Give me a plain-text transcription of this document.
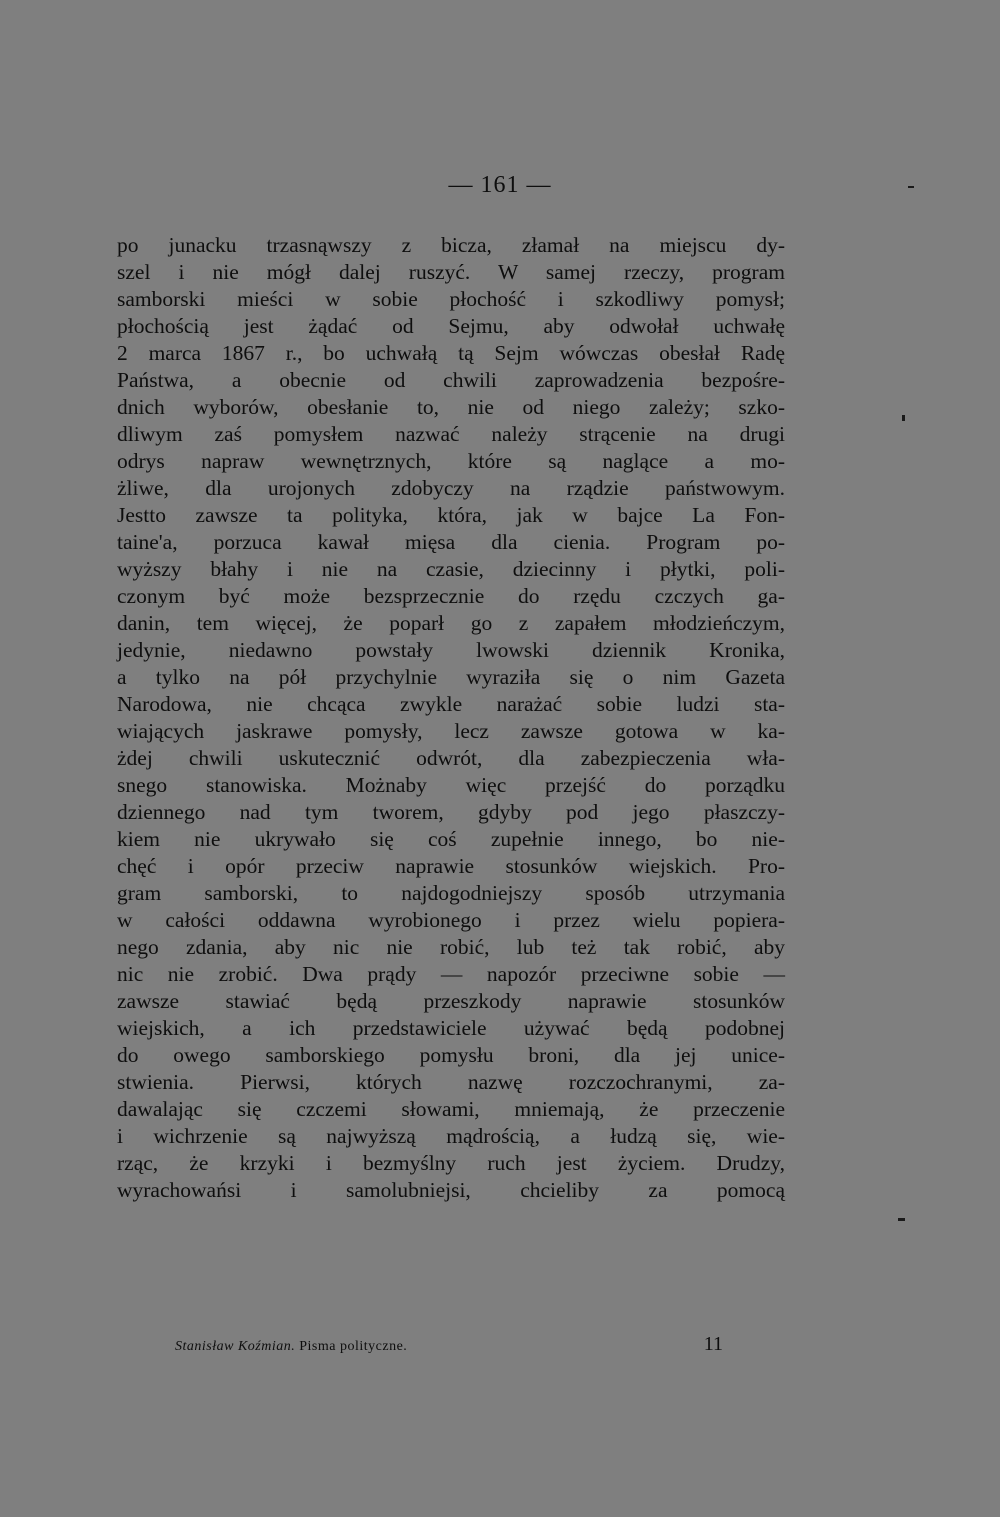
— 161 —
po junacku trzasnąwszy z bicza, złamał na miejscu dy-
szel i nie mógł dalej ruszyć. W samej rzeczy, program
samborski mieści w sobie płochość i szkodliwy pomysł;
płochością jest żądać od Sejmu, aby odwołał uchwałę
2 marca 1867 r., bo uchwałą tą Sejm wówczas obesłał Radę
Państwa, a obecnie od chwili zaprowadzenia bezpośre-
dnich wyborów, obesłanie to, nie od niego zależy; szko-
dliwym zaś pomysłem nazwać należy strącenie na drugi
odrys napraw wewnętrznych, które są naglące a mo-
żliwe, dla urojonych zdobyczy na rządzie państwowym.
Jestto zawsze ta polityka, która, jak w bajce La Fon-
taine'a, porzuca kawał mięsa dla cienia. Program po-
wyższy błahy i nie na czasie, dziecinny i płytki, poli-
czonym być może bezsprzecznie do rzędu czczych ga-
danin, tem więcej, że poparł go z zapałem młodzieńczym,
jedynie, niedawno powstały lwowski dziennik Kronika,
a tylko na pół przychylnie wyraziła się o nim Gazeta
Narodowa, nie chcąca zwykle narażać sobie ludzi sta-
wiających jaskrawe pomysły, lecz zawsze gotowa w ka-
żdej chwili uskutecznić odwrót, dla zabezpieczenia wła-
snego stanowiska. Możnaby więc przejść do porządku
dziennego nad tym tworem, gdyby pod jego płaszczy-
kiem nie ukrywało się coś zupełnie innego, bo nie-
chęć i opór przeciw naprawie stosunków wiejskich. Pro-
gram samborski, to najdogodniejszy sposób utrzymania
w całości oddawna wyrobionego i przez wielu popiera-
nego zdania, aby nic nie robić, lub też tak robić, aby
nic nie zrobić. Dwa prądy — napozór przeciwne sobie —
zawsze stawiać będą przeszkody naprawie stosunków
wiejskich, a ich przedstawiciele używać będą podobnej
do owego samborskiego pomysłu broni, dla jej unice-
stwienia. Pierwsi, których nazwę rozczochranymi, za-
dawalając się czczemi słowami, mniemają, że przeczenie
i wichrzenie są najwyższą mądrością, a łudzą się, wie-
rząc, że krzyki i bezmyślny ruch jest życiem. Drudzy,
wyrachowańsi i samolubniejsi, chcieliby za pomocą
Stanisław Koźmian. Pisma polityczne.	11
